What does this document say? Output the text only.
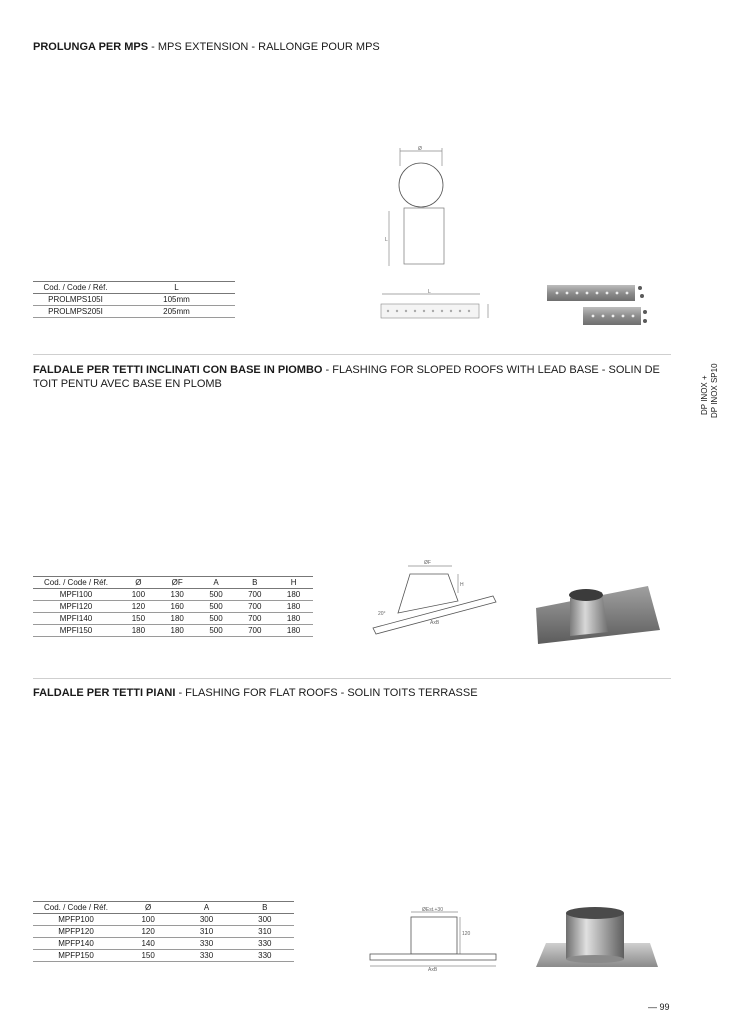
PROLUNGA PER MPS - MPS EXTENSION - RALLONGE POUR MPS
Ø
L
Cod. / Code / Réf.	L
PROLMPS105I	105mm
PROLMPS205I	205mm
L
DP INOX + DP INOX SP10
FALDALE PER TETTI INCLINATI CON BASE IN PIOMBO - FLASHING FOR SLOPED ROOFS WITH LEAD BASE - SOLIN DE TOIT PENTU AVEC BASE EN PLOMB
Cod. / Code / Réf.	Ø	ØF	A	B	H
MPFI100	100	130	500	700	180
MPFI120	120	160	500	700	180
MPFI140	150	180	500	700	180
MPFI150	180	180	500	700	180
ØF
H
20°
AxB
FALDALE PER TETTI PIANI - FLASHING FOR FLAT ROOFS - SOLIN TOITS TERRASSE
Cod. / Code / Réf.	Ø	A	B
MPFP100	100	300	300
MPFP120	120	310	310
MPFP140	140	330	330
MPFP150	150	330	330
ØEst.+30
120
AxB
— 99
